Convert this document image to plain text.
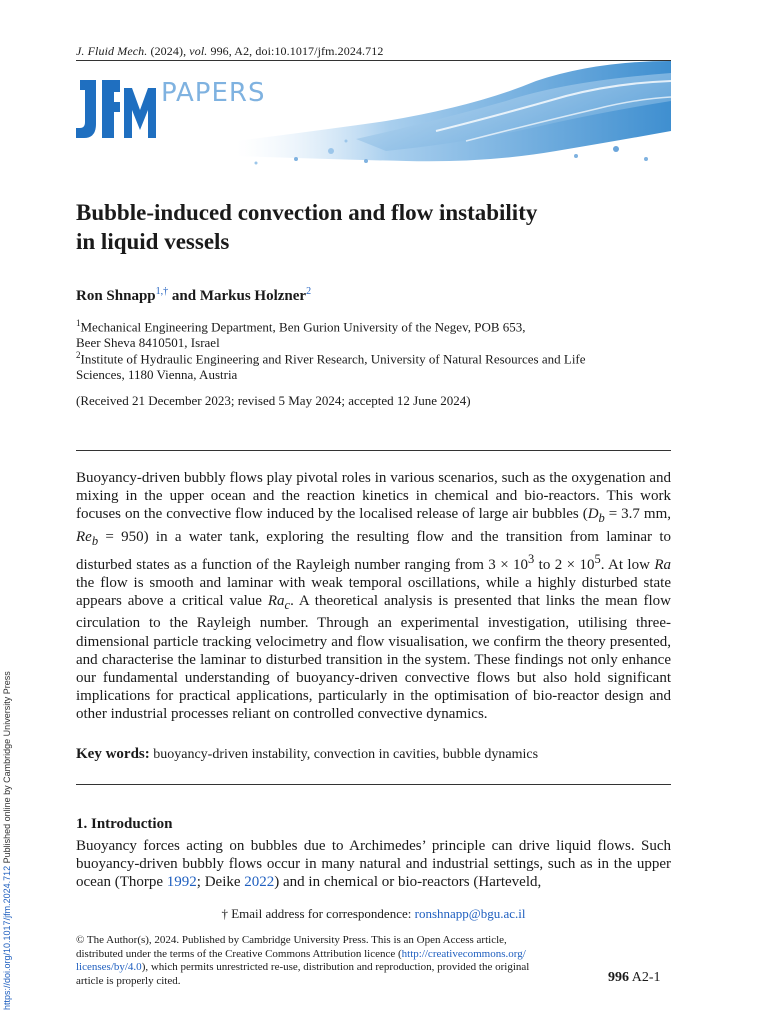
J. Fluid Mech. (2024), vol. 996, A2, doi:10.1017/jfm.2024.712
PAPERS
Bubble-induced convection and flow instability
in liquid vessels
Ron Shnapp$^{1,\dagger}$ and Markus Holzner$^2$
$^1$Mechanical Engineering Department, Ben Gurion University of the Negev, POB 653,
Beer Sheva 8410501, Israel
$^2$Institute of Hydraulic Engineering and River Research, University of Natural Resources and Life
Sciences, 1180 Vienna, Austria
(Received 21 December 2023; revised 5 May 2024; accepted 12 June 2024)
Buoyancy-driven bubbly flows play pivotal roles in various scenarios, such as the oxygenation and mixing in the upper ocean and the reaction kinetics in chemical and bio-reactors. This work focuses on the convective flow induced by the localised release of large air bubbles ($D_b = 3.7$ mm, $Re_b = 950$) in a water tank, exploring the resulting flow and the transition from laminar to disturbed states as a function of the Rayleigh number ranging from $3 \times 10^3$ to $2 \times 10^5$. At low Ra the flow is smooth and laminar with weak temporal oscillations, while a highly disturbed state appears above a critical value $Ra_c$. A theoretical analysis is presented that links the mean flow circulation to the Rayleigh number. Through an experimental investigation, utilising three-dimensional particle tracking velocimetry and flow visualisation, we confirm the theory presented, and characterise the laminar to disturbed transition in the system. These findings not only enhance our fundamental understanding of buoyancy-driven convective flows but also hold significant implications for practical applications, particularly in the optimisation of bio-reactor design and other industrial processes reliant on controlled convective dynamics.
Key words: buoyancy-driven instability, convection in cavities, bubble dynamics
1. Introduction
Buoyancy forces acting on bubbles due to Archimedes’ principle can drive liquid flows. Such buoyancy-driven bubbly flows occur in many natural and industrial settings, such as in the upper ocean (Thorpe 1992; Deike 2022) and in chemical or bio-reactors (Harteveld,
† Email address for correspondence: ronshnapp@bgu.ac.il
© The Author(s), 2024. Published by Cambridge University Press. This is an Open Access article,
distributed under the terms of the Creative Commons Attribution licence (http://creativecommons.org/
licenses/by/4.0), which permits unrestricted re-use, distribution and reproduction, provided the original
article is properly cited.	996 A2-1
https://doi.org/10.1017/jfm.2024.712 Published online by Cambridge University Press
